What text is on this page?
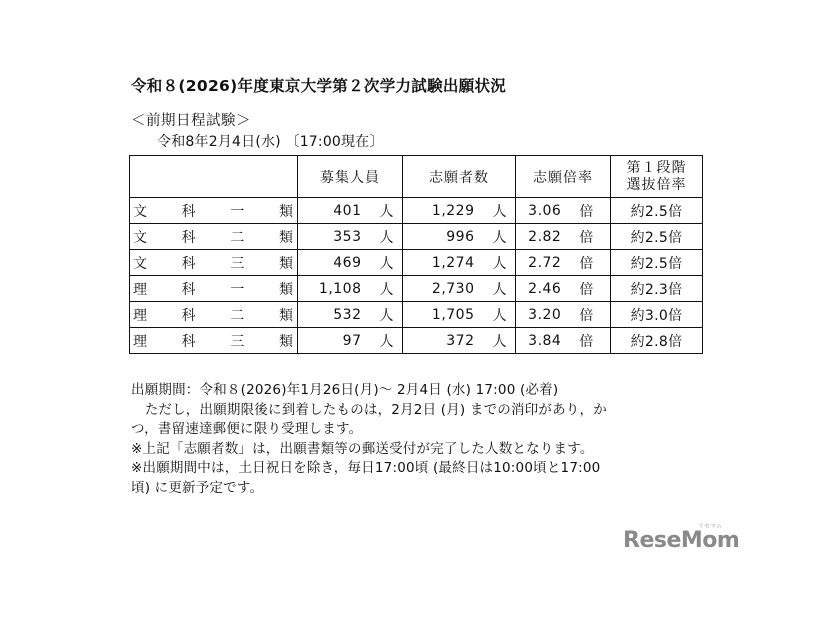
令和８(2026)年度東京大学第２次学力試験出願状況
＜前期日程試験＞
令和8年2月4日(水) 〔17:00現在〕
	募集人員	志願者数	志願倍率	第１段階
選抜倍率

文 科 一 類	401 人	1,229 人	3.06 倍	約2.5倍

文 科 二 類	353 人	996 人	2.82 倍	約2.5倍

文 科 三 類	469 人	1,274 人	2.72 倍	約2.5倍

理 科 一 類	1,108 人	2,730 人	2.46 倍	約2.3倍

理 科 二 類	532 人	1,705 人	3.20 倍	約3.0倍

理 科 三 類	97 人	372 人	3.84 倍	約2.8倍
出願期間：令和８(2026)年1月26日(月)～ 2月4日 (水) 17:00 (必着)
　ただし，出願期限後に到着したものは，2月2日 (月) までの消印があり，か
つ，書留速達郵便に限り受理します。
※上記「志願者数」は，出願書類等の郵送受付が完了した人数となります。
※出願期間中は，土日祝日を除き，毎日17:00頃 (最終日は10:00頃と17:00
頃) に更新予定です。
ReseMom
リセマム
